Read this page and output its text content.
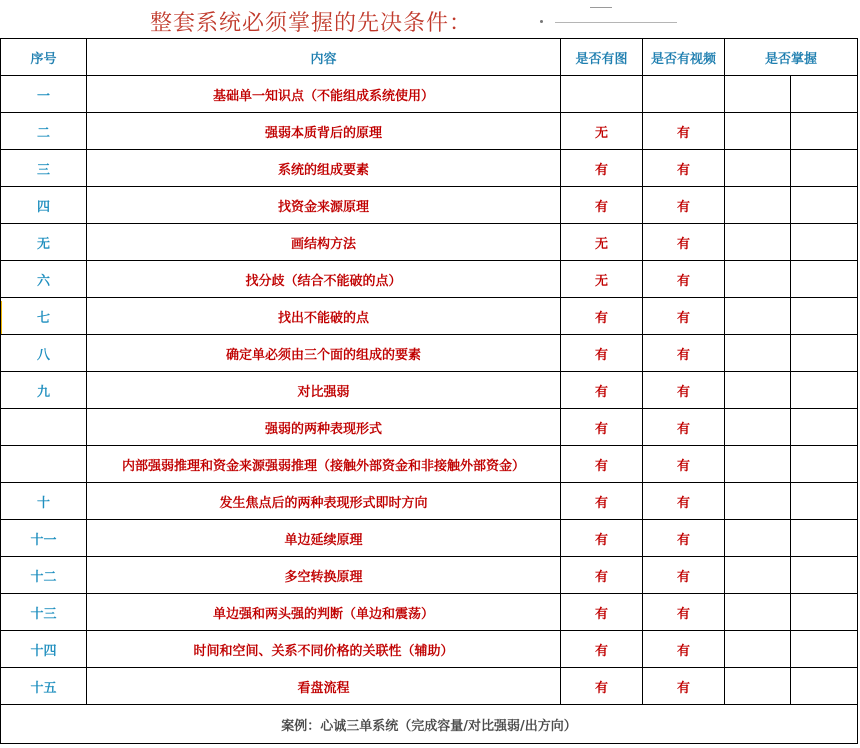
整套系统必须掌握的先决条件：
序号	内容	是否有图	是否有视频	是否掌握	
一	基础单一知识点（不能组成系统使用）				
二	强弱本质背后的原理	无	有		
三	系统的组成要素	有	有		
四	找资金来源原理	有	有		
无	画结构方法	无	有		
六	找分歧（结合不能破的点）	无	有		
七	找出不能破的点	有	有		
八	确定单必须由三个面的组成的要素	有	有		
九	对比强弱	有	有		
	强弱的两种表现形式	有	有		
	内部强弱推理和资金来源强弱推理（接触外部资金和非接触外部资金）	有	有		
十	发生焦点后的两种表现形式即时方向	有	有		
十一	单边延续原理	有	有		
十二	多空转换原理	有	有		
十三	单边强和两头强的判断（单边和震荡）	有	有		
十四	时间和空间、关系不同价格的关联性（辅助）	有	有		
十五	看盘流程	有	有		
案例：心诚三单系统（完成容量/对比强弱/出方向）					
